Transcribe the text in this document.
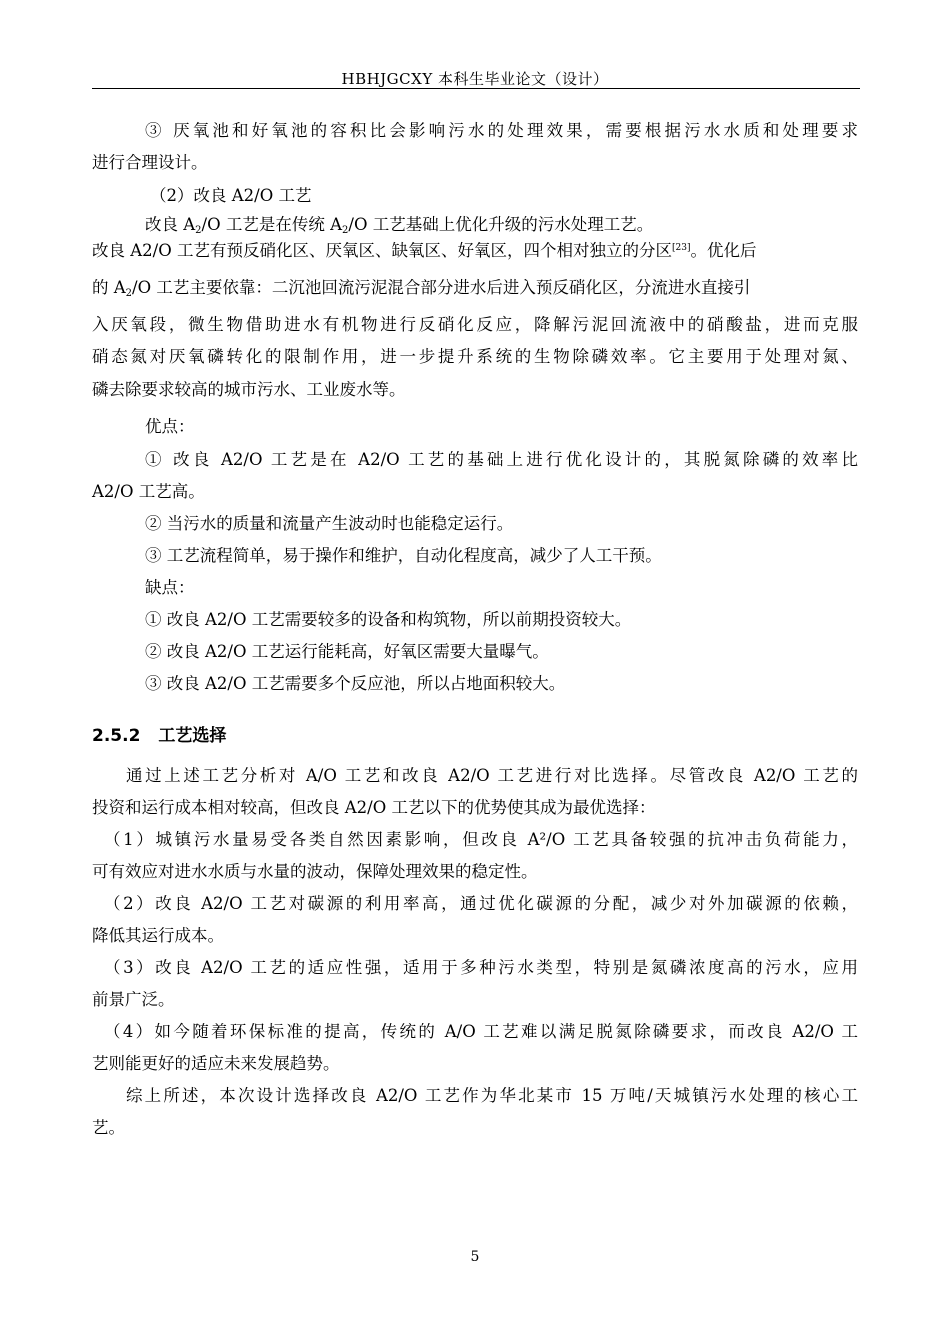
HBHJGCXY 本科生毕业论文（设计）
③ 厌氧池和好氧池的容积比会影响污水的处理效果，需要根据污水水质和处理要求
进行合理设计。
（2）改良 A2/O 工艺
改良 $A_2/O$ 工艺是在传统 $A_2/O$ 工艺基础上优化升级的污水处理工艺。
改良 A2/O 工艺有预反硝化区、厌氧区、缺氧区、好氧区，四个相对独立的分区[23]。优化后
的 $A_2/O$ 工艺主要依靠：二沉池回流污泥混合部分进水后进入预反硝化区，分流进水直接引
入厌氧段，微生物借助进水有机物进行反硝化反应，降解污泥回流液中的硝酸盐，进而克服
硝态氮对厌氧磷转化的限制作用，进一步提升系统的生物除磷效率。它主要用于处理对氮、
磷去除要求较高的城市污水、工业废水等。
优点：
① 改良 A2/O 工艺是在 A2/O 工艺的基础上进行优化设计的，其脱氮除磷的效率比
A2/O 工艺高。
② 当污水的质量和流量产生波动时也能稳定运行。
③ 工艺流程简单，易于操作和维护，自动化程度高，减少了人工干预。
缺点：
① 改良 A2/O 工艺需要较多的设备和构筑物，所以前期投资较大。
② 改良 A2/O 工艺运行能耗高，好氧区需要大量曝气。
③ 改良 A2/O 工艺需要多个反应池，所以占地面积较大。
2.5.2 工艺选择
通过上述工艺分析对 A/O 工艺和改良 A2/O 工艺进行对比选择。尽管改良 A2/O 工艺的
投资和运行成本相对较高，但改良 A2/O 工艺以下的优势使其成为最优选择：
（1）城镇污水量易受各类自然因素影响，但改良 A²/O 工艺具备较强的抗冲击负荷能力，
可有效应对进水水质与水量的波动，保障处理效果的稳定性。
（2）改良 A2/O 工艺对碳源的利用率高，通过优化碳源的分配，减少对外加碳源的依赖，
降低其运行成本。
（3）改良 A2/O 工艺的适应性强，适用于多种污水类型，特别是氮磷浓度高的污水，应用
前景广泛。
（4）如今随着环保标准的提高，传统的 A/O 工艺难以满足脱氮除磷要求，而改良 A2/O 工
艺则能更好的适应未来发展趋势。
综上所述，本次设计选择改良 A2/O 工艺作为华北某市 15 万吨/天城镇污水处理的核心工
艺。
5
